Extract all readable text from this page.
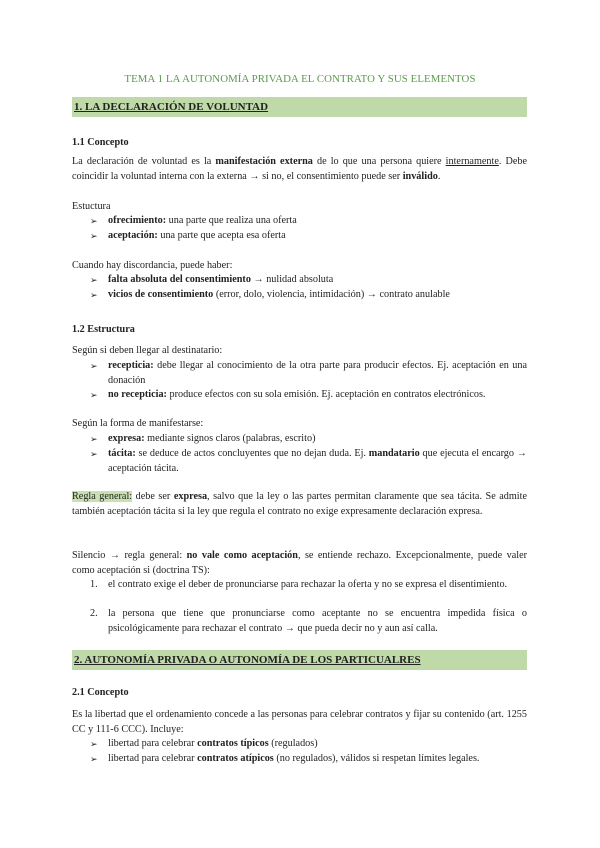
TEMA 1 LA AUTONOMÍA PRIVADA EL CONTRATO Y SUS ELEMENTOS
1. LA DECLARACIÓN DE VOLUNTAD
1.1 Concepto
La declaración de voluntad es la manifestación externa de lo que una persona quiere internamente. Debe coincidir la voluntad interna con la externa → si no, el consentimiento puede ser inválido.
Estuctura
➢ ofrecimiento: una parte que realiza una oferta
➢ aceptación: una parte que acepta esa oferta
Cuando hay discordancia, puede haber:
➢ falta absoluta del consentimiento → nulidad absoluta
➢ vicios de consentimiento (error, dolo, violencia, intimidación) → contrato anulable
1.2 Estructura
Según si deben llegar al destinatario:
➢ recepticia: debe llegar al conocimiento de la otra parte para producir efectos. Ej. aceptación en una donación
➢ no recepticia: produce efectos con su sola emisión. Ej. aceptación en contratos electrónicos.
Según la forma de manifestarse:
➢ expresa: mediante signos claros (palabras, escrito)
➢ tácita: se deduce de actos concluyentes que no dejan duda. Ej. mandatario que ejecuta el encargo → aceptación tácita.
Regla general: debe ser expresa, salvo que la ley o las partes permitan claramente que sea tácita. Se admite también aceptación tácita si la ley que regula el contrato no exige expresamente declaración expresa.
Silencio → regla general: no vale como aceptación, se entiende rechazo. Excepcionalmente, puede valer como aceptación si (doctrina TS):
1. el contrato exige el deber de pronunciarse para rechazar la oferta y no se expresa el disentimiento.
2. la persona que tiene que pronunciarse como aceptante no se encuentra impedida física o psicológicamente para rechazar el contrato → que pueda decir no y aun así calla.
2. AUTONOMÍA PRIVADA O AUTONOMÍA DE LOS PARTICUALRES
2.1 Concepto
Es la libertad que el ordenamiento concede a las personas para celebrar contratos y fijar su contenido (art. 1255 CC y 111-6 CCC). Incluye:
➢ libertad para celebrar contratos típicos (regulados)
➢ libertad para celebrar contratos atípicos (no regulados), válidos si respetan límites legales.
